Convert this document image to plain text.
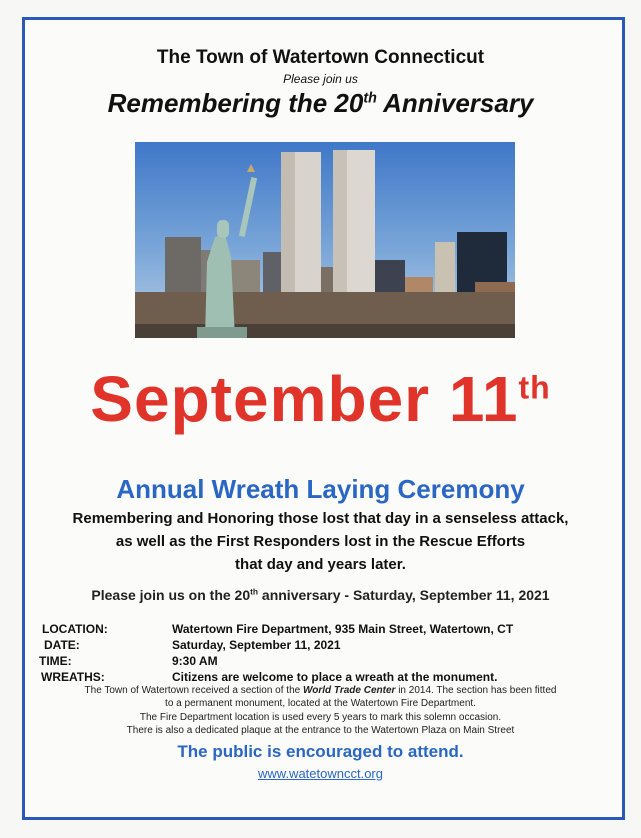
The Town of Watertown Connecticut
Please join us
Remembering the 20th Anniversary
September 11th
Annual Wreath Laying Ceremony
Remembering and Honoring those lost that day in a senseless attack,
as well as the First Responders lost in the Rescue Efforts
that day and years later.
Please join us on the 20th anniversary - Saturday, September 11, 2021
LOCATION:	Watertown Fire Department, 935 Main Street, Watertown, CT
DATE:	Saturday, September 11, 2021
TIME:	9:30 AM
WREATHS:	Citizens are welcome to place a wreath at the monument.
The Town of Watertown received a section of the World Trade Center in 2014. The section has been fitted
to a permanent monument, located at the Watertown Fire Department.
The Fire Department location is used every 5 years to mark this solemn occasion.
There is also a dedicated plaque at the entrance to the Watertown Plaza on Main Street
The public is encouraged to attend.
www.watetowncct.org
